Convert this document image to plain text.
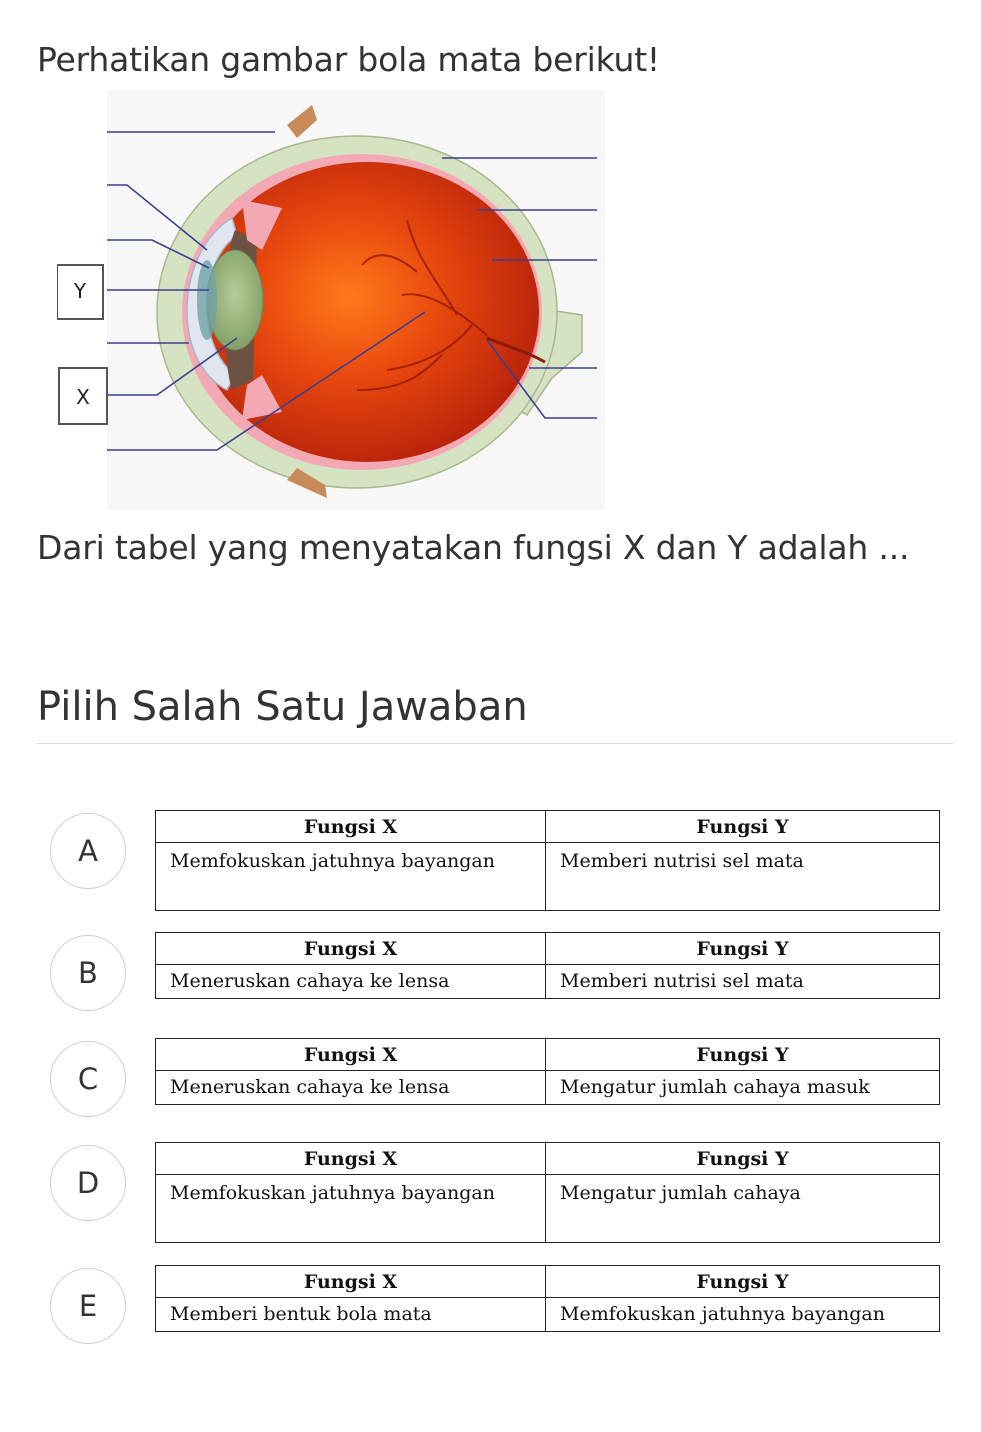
Perhatikan gambar bola mata berikut!
Y
X
Dari tabel yang menyatakan fungsi X dan Y adalah ...
Pilih Salah Satu Jawaban
A
Fungsi X	Fungsi Y
Memfokuskan jatuhnya bayangan	Memberi nutrisi sel mata
B
Fungsi X	Fungsi Y
Meneruskan cahaya ke lensa	Memberi nutrisi sel mata
C
Fungsi X	Fungsi Y
Meneruskan cahaya ke lensa	Mengatur jumlah cahaya masuk
D
Fungsi X	Fungsi Y
Memfokuskan jatuhnya bayangan	Mengatur jumlah cahaya
E
Fungsi X	Fungsi Y
Memberi bentuk bola mata	Memfokuskan jatuhnya bayangan
